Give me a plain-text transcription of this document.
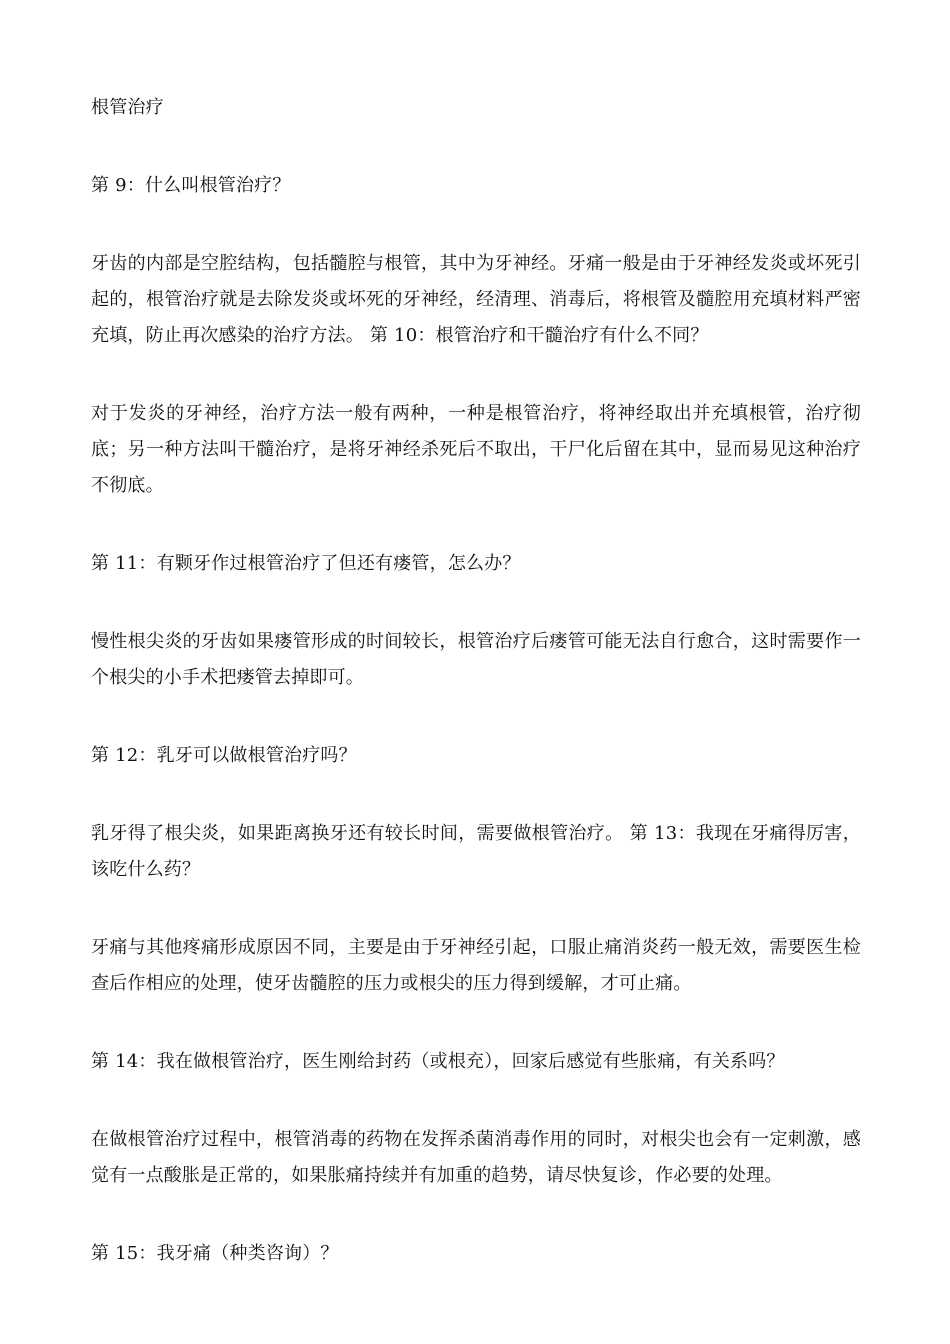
根管治疗

第 9：什么叫根管治疗？

牙齿的内部是空腔结构，包括髓腔与根管，其中为牙神经。牙痛一般是由于牙神经发炎或坏死引起的，根管治疗就是去除发炎或坏死的牙神经，经清理、消毒后，将根管及髓腔用充填材料严密充填，防止再次感染的治疗方法。 第 10：根管治疗和干髓治疗有什么不同？

对于发炎的牙神经，治疗方法一般有两种，一种是根管治疗，将神经取出并充填根管，治疗彻底；另一种方法叫干髓治疗，是将牙神经杀死后不取出，干尸化后留在其中，显而易见这种治疗不彻底。

第 11：有颗牙作过根管治疗了但还有瘘管，怎么办？

慢性根尖炎的牙齿如果瘘管形成的时间较长，根管治疗后瘘管可能无法自行愈合，这时需要作一个根尖的小手术把瘘管去掉即可。

第 12：乳牙可以做根管治疗吗？

乳牙得了根尖炎，如果距离换牙还有较长时间，需要做根管治疗。 第 13：我现在牙痛得厉害，该吃什么药？

牙痛与其他疼痛形成原因不同，主要是由于牙神经引起，口服止痛消炎药一般无效，需要医生检查后作相应的处理，使牙齿髓腔的压力或根尖的压力得到缓解，才可止痛。

第 14：我在做根管治疗，医生刚给封药（或根充），回家后感觉有些胀痛，有关系吗？

在做根管治疗过程中，根管消毒的药物在发挥杀菌消毒作用的同时，对根尖也会有一定刺激，感觉有一点酸胀是正常的，如果胀痛持续并有加重的趋势，请尽快复诊，作必要的处理。

第 15：我牙痛（种类咨询）？
